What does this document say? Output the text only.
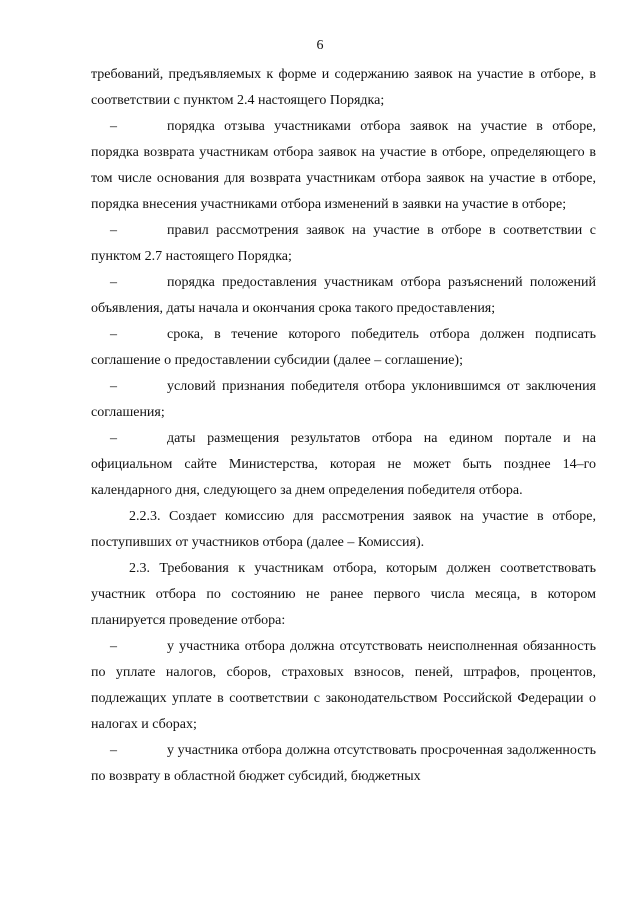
6

требований, предъявляемых к форме и содержанию заявок на участие в отборе, в соответствии с пунктом 2.4 настоящего Порядка;

–	порядка отзыва участниками отбора заявок на участие в отборе, порядка возврата участникам отбора заявок на участие в отборе, определяющего в том числе основания для возврата участникам отбора заявок на участие в отборе, порядка внесения участниками отбора изменений в заявки на участие в отборе;

–	правил рассмотрения заявок на участие в отборе в соответствии с пунктом 2.7 настоящего Порядка;

–	порядка предоставления участникам отбора разъяснений положений объявления, даты начала и окончания срока такого предоставления;

–	срока, в течение которого победитель отбора должен подписать соглашение о предоставлении субсидии (далее – соглашение);

–	условий признания победителя отбора уклонившимся от заключения соглашения;

–	даты размещения результатов отбора на едином портале и на официальном сайте Министерства, которая не может быть позднее 14–го календарного дня, следующего за днем определения победителя отбора.

2.2.3. Создает комиссию для рассмотрения заявок на участие в отборе, поступивших от участников отбора (далее – Комиссия).

2.3. Требования к участникам отбора, которым должен соответствовать участник отбора по состоянию не ранее первого числа месяца, в котором планируется проведение отбора:

–	у участника отбора должна отсутствовать неисполненная обязанность по уплате налогов, сборов, страховых взносов, пеней, штрафов, процентов, подлежащих уплате в соответствии с законодательством Российской Федерации о налогах и сборах;

–	у участника отбора должна отсутствовать просроченная задолженность по возврату в областной бюджет субсидий, бюджетных
